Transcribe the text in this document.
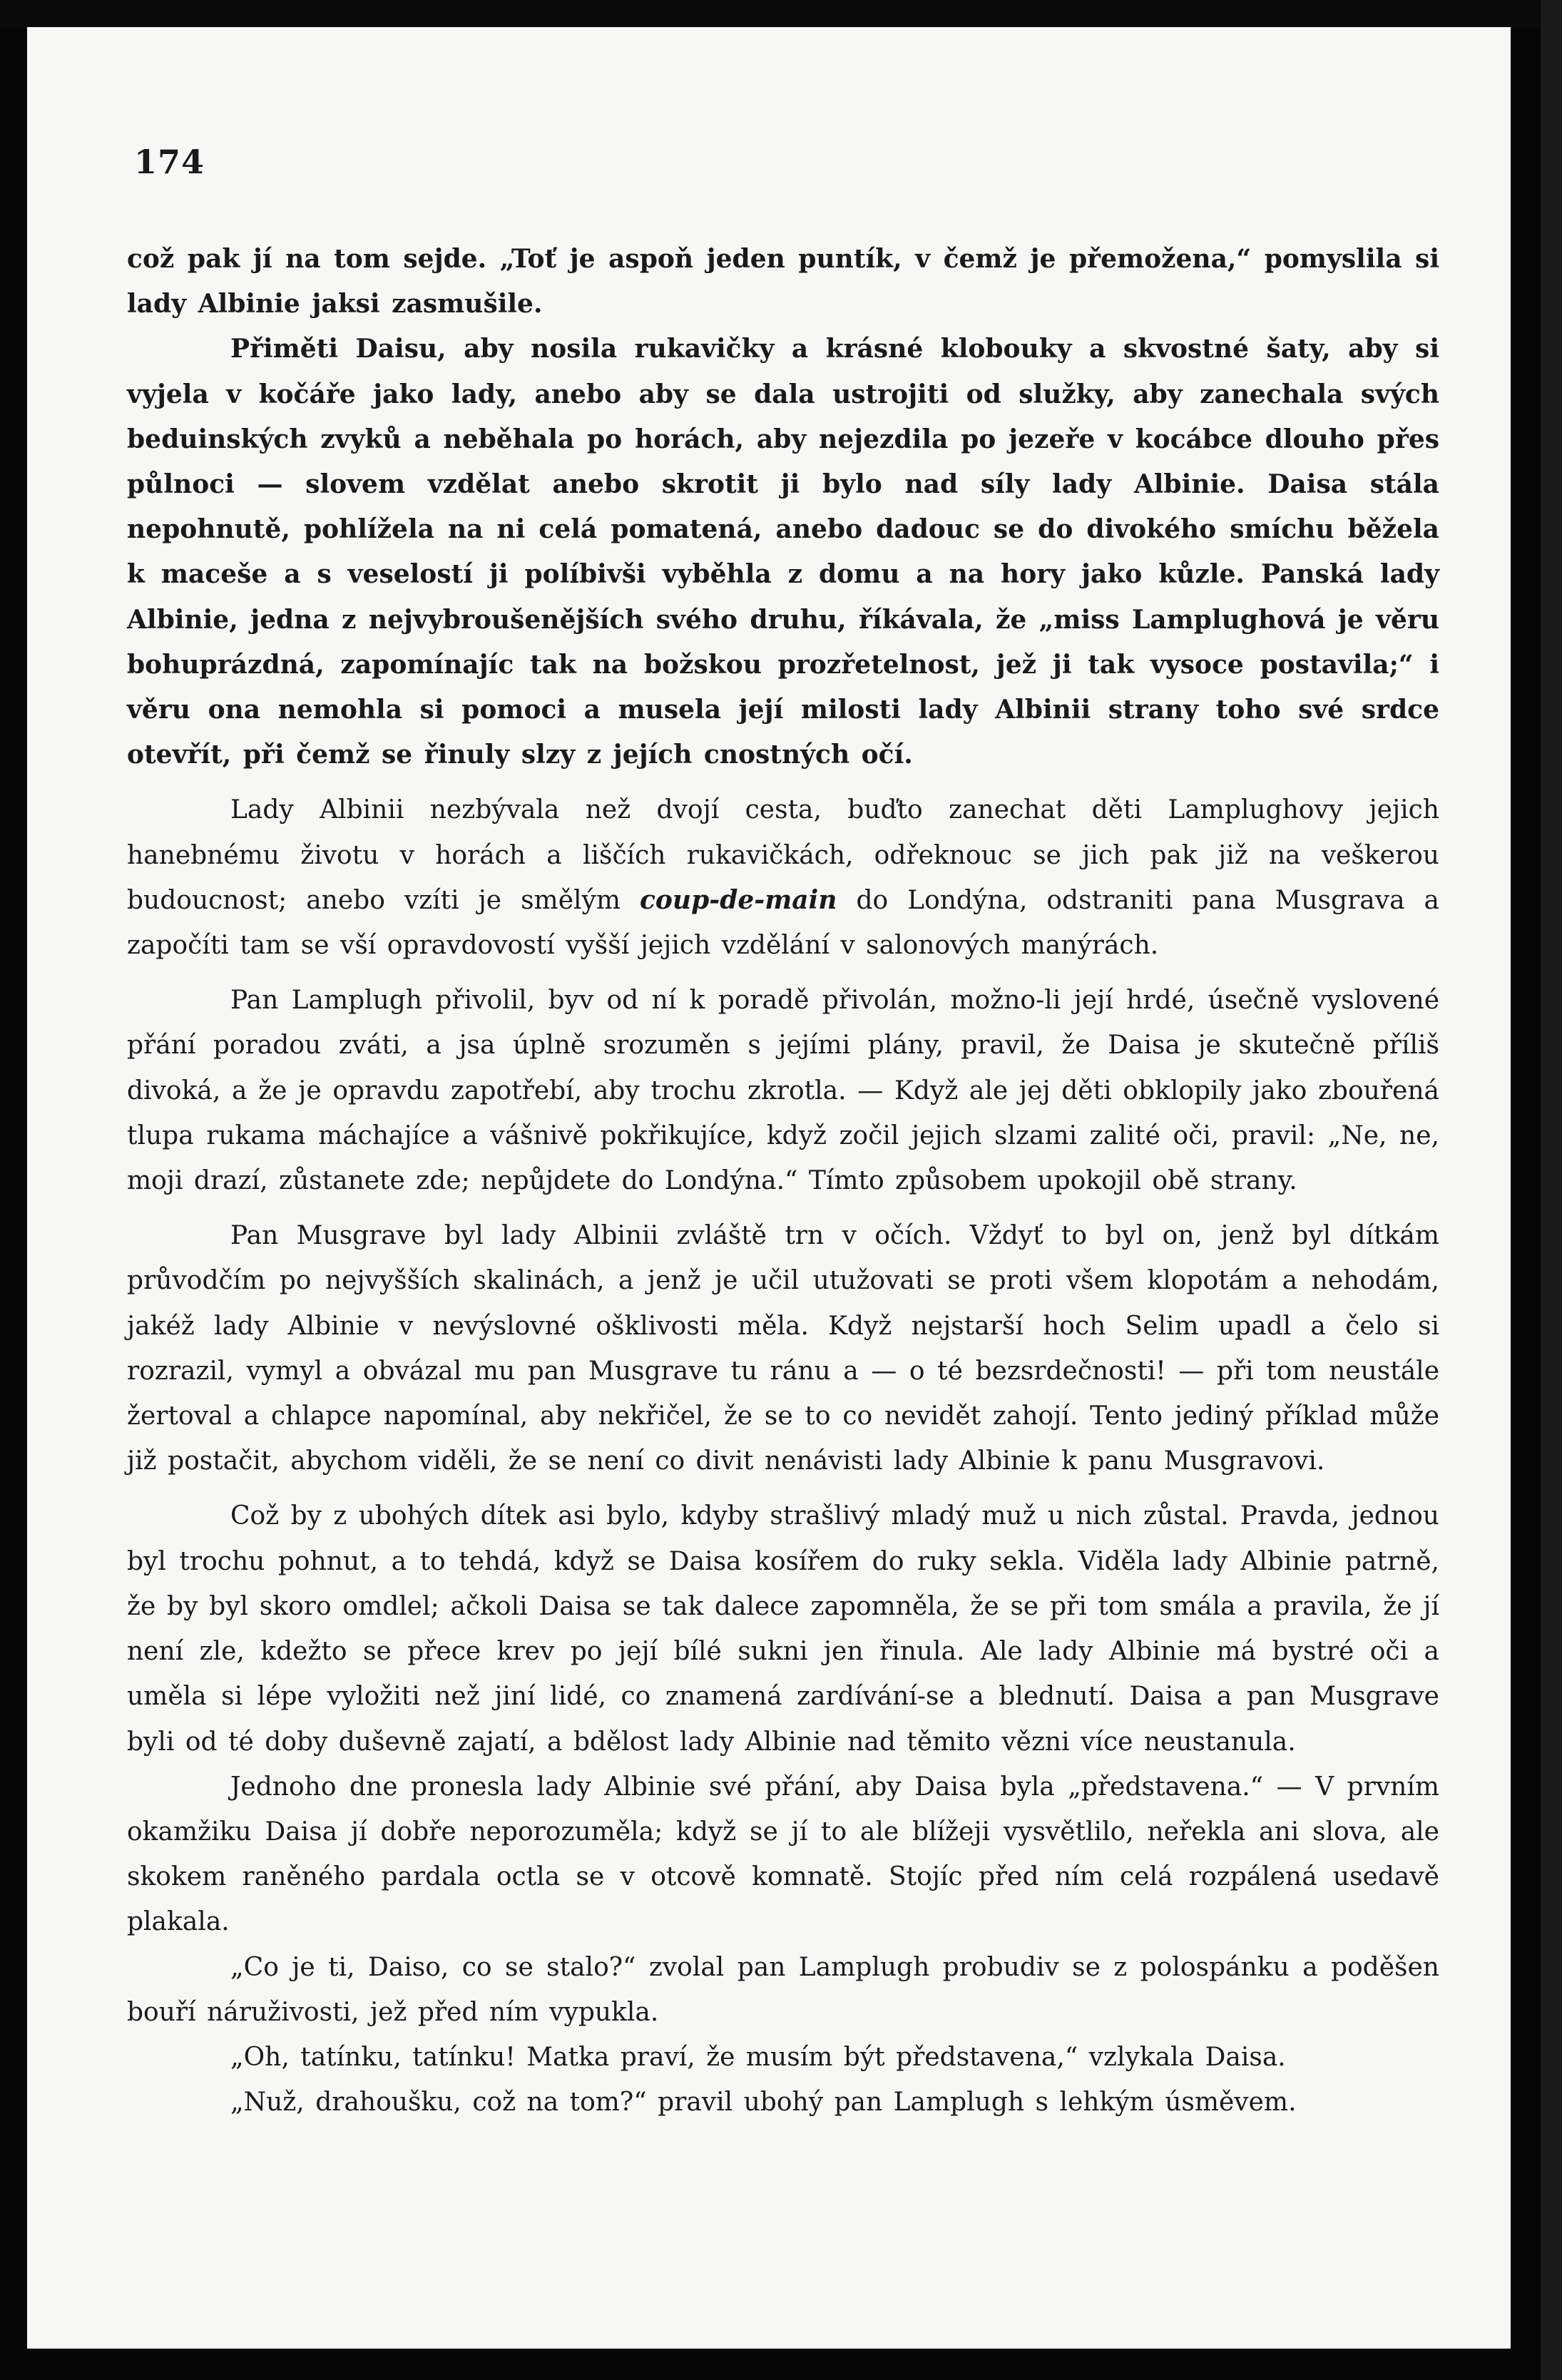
174

což pak jí na tom sejde. „Toť je aspoň jeden puntík, v čemž je přemožena,“ pomyslila si lady Albinie jaksi zasmušile.

Přiměti Daisu, aby nosila rukavičky a krásné klobouky a skvostné šaty, aby si vyjela v kočáře jako lady, anebo aby se dala ustrojiti od služky, aby zanechala svých beduinských zvyků a neběhala po horách, aby nejezdila po jezeře v kocábce dlouho přes půlnoci — slovem vzdělat anebo skrotit ji bylo nad síly lady Albinie. Daisa stála nepohnutě, pohlížela na ni celá pomatená, anebo dadouc se do divokého smíchu běžela k maceše a s veselostí ji políbivši vyběhla z domu a na hory jako kůzle. Panská lady Albinie, jedna z nejvybroušenějších svého druhu, říkávala, že „miss Lamplughová je věru bohuprázdná, zapomínajíc tak na božskou prozřetelnost, jež ji tak vysoce postavila;“ i věru ona nemohla si pomoci a musela její milosti lady Albinii strany toho své srdce otevřít, při čemž se řinuly slzy z jejích cnostných očí.

Lady Albinii nezbývala než dvojí cesta, buďto zanechat děti Lamplughovy jejich hanebnému životu v horách a liščích rukavičkách, odřeknouc se jich pak již na veškerou budoucnost; anebo vzíti je smělým coup-de-main do Londýna, odstraniti pana Musgrava a započíti tam se vší opravdovostí vyšší jejich vzdělání v salonových manýrách.

Pan Lamplugh přivolil, byv od ní k poradě přivolán, možno-li její hrdé, úsečně vyslovené přání poradou zváti, a jsa úplně srozuměn s jejími plány, pravil, že Daisa je skutečně příliš divoká, a že je opravdu zapotřebí, aby trochu zkrotla. — Když ale jej děti obklopily jako zbouřená tlupa rukama máchajíce a vášnivě pokřikujíce, když zočil jejich slzami zalité oči, pravil: „Ne, ne, moji drazí, zůstanete zde; nepůjdete do Londýna.“ Tímto způsobem upokojil obě strany.

Pan Musgrave byl lady Albinii zvláště trn v očích. Vždyť to byl on, jenž byl dítkám průvodčím po nejvyšších skalinách, a jenž je učil utužovati se proti všem klopotám a nehodám, jakéž lady Albinie v nevýslovné ošklivosti měla. Když nejstarší hoch Selim upadl a čelo si rozrazil, vymyl a obvázal mu pan Musgrave tu ránu a — o té bezsrdečnosti! — při tom neustále žertoval a chlapce napomínal, aby nekřičel, že se to co nevidět zahojí. Tento jediný příklad může již postačit, abychom viděli, že se není co divit nenávisti lady Albinie k panu Musgravovi.

Což by z ubohých dítek asi bylo, kdyby strašlivý mladý muž u nich zůstal. Pravda, jednou byl trochu pohnut, a to tehdá, když se Daisa kosířem do ruky sekla. Viděla lady Albinie patrně, že by byl skoro omdlel; ačkoli Daisa se tak dalece zapomněla, že se při tom smála a pravila, že jí není zle, kdežto se přece krev po její bílé sukni jen řinula. Ale lady Albinie má bystré oči a uměla si lépe vyložiti než jiní lidé, co znamená zardívání-se a blednutí. Daisa a pan Musgrave byli od té doby duševně zajatí, a bdělost lady Albinie nad těmito vězni více neustanula.

Jednoho dne pronesla lady Albinie své přání, aby Daisa byla „představena.“ — V prvním okamžiku Daisa jí dobře neporozuměla; když se jí to ale blížeji vysvětlilo, neřekla ani slova, ale skokem raněného pardala octla se v otcově komnatě. Stojíc před ním celá rozpálená usedavě plakala.

„Co je ti, Daiso, co se stalo?“ zvolal pan Lamplugh probudiv se z polospánku a poděšen bouří náruživosti, jež před ním vypukla.

„Oh, tatínku, tatínku! Matka praví, že musím být představena,“ vzlykala Daisa.

„Nuž, drahoušku, což na tom?“ pravil ubohý pan Lamplugh s lehkým úsměvem.
